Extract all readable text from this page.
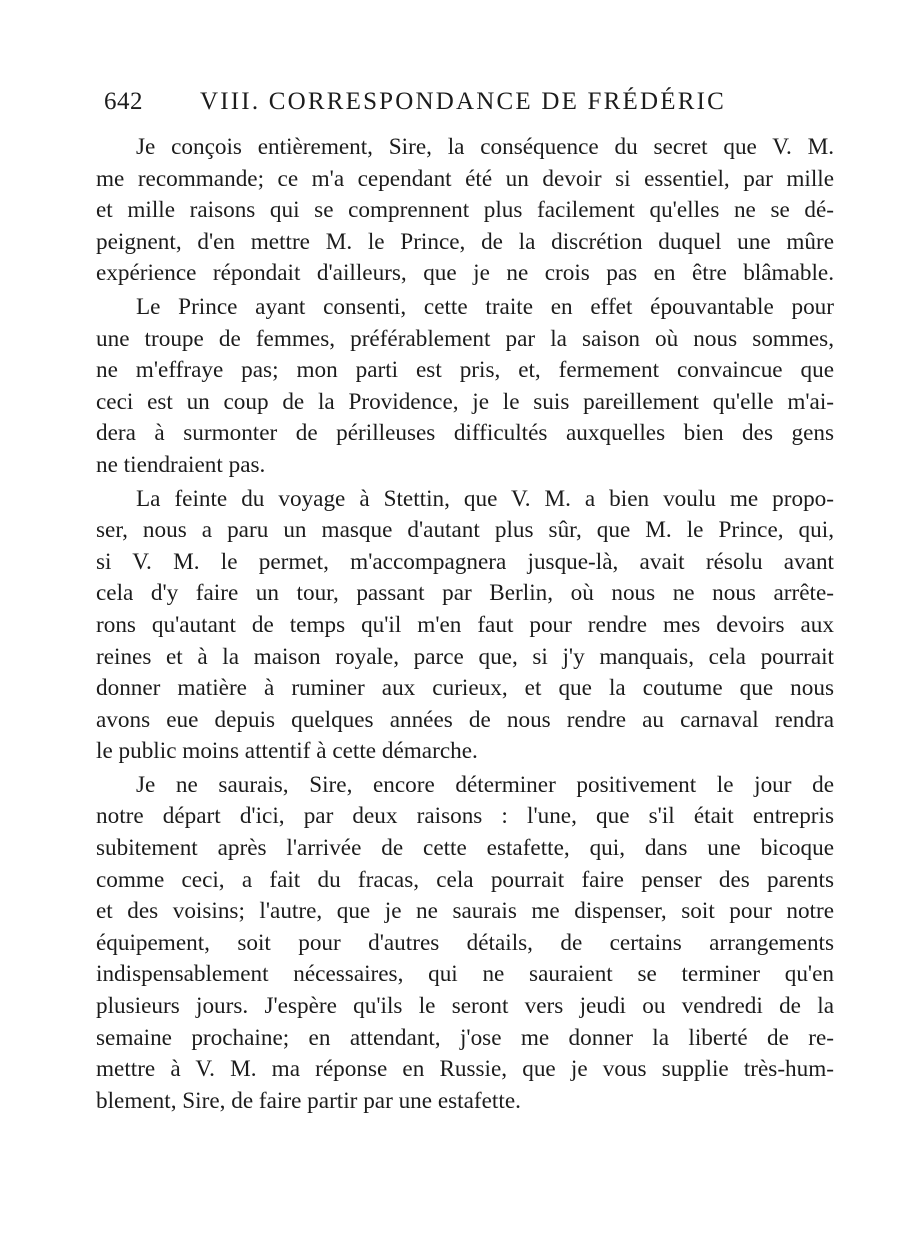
642 VIII. CORRESPONDANCE DE FRÉDÉRIC

Je conçois entièrement, Sire, la conséquence du secret que V. M.
me recommande; ce m'a cependant été un devoir si essentiel, par mille
et mille raisons qui se comprennent plus facilement qu'elles ne se dé-
peignent, d'en mettre M. le Prince, de la discrétion duquel une mûre
expérience répondait d'ailleurs, que je ne crois pas en être blâmable.

Le Prince ayant consenti, cette traite en effet épouvantable pour
une troupe de femmes, préférablement par la saison où nous sommes,
ne m'effraye pas; mon parti est pris, et, fermement convaincue que
ceci est un coup de la Providence, je le suis pareillement qu'elle m'ai-
dera à surmonter de périlleuses difficultés auxquelles bien des gens
ne tiendraient pas.

La feinte du voyage à Stettin, que V. M. a bien voulu me propo-
ser, nous a paru un masque d'autant plus sûr, que M. le Prince, qui,
si V. M. le permet, m'accompagnera jusque-là, avait résolu avant
cela d'y faire un tour, passant par Berlin, où nous ne nous arrête-
rons qu'autant de temps qu'il m'en faut pour rendre mes devoirs aux
reines et à la maison royale, parce que, si j'y manquais, cela pourrait
donner matière à ruminer aux curieux, et que la coutume que nous
avons eue depuis quelques années de nous rendre au carnaval rendra
le public moins attentif à cette démarche.

Je ne saurais, Sire, encore déterminer positivement le jour de
notre départ d'ici, par deux raisons : l'une, que s'il était entrepris
subitement après l'arrivée de cette estafette, qui, dans une bicoque
comme ceci, a fait du fracas, cela pourrait faire penser des parents
et des voisins; l'autre, que je ne saurais me dispenser, soit pour notre
équipement, soit pour d'autres détails, de certains arrangements
indispensablement nécessaires, qui ne sauraient se terminer qu'en
plusieurs jours. J'espère qu'ils le seront vers jeudi ou vendredi de la
semaine prochaine; en attendant, j'ose me donner la liberté de re-
mettre à V. M. ma réponse en Russie, que je vous supplie très-hum-
blement, Sire, de faire partir par une estafette.
